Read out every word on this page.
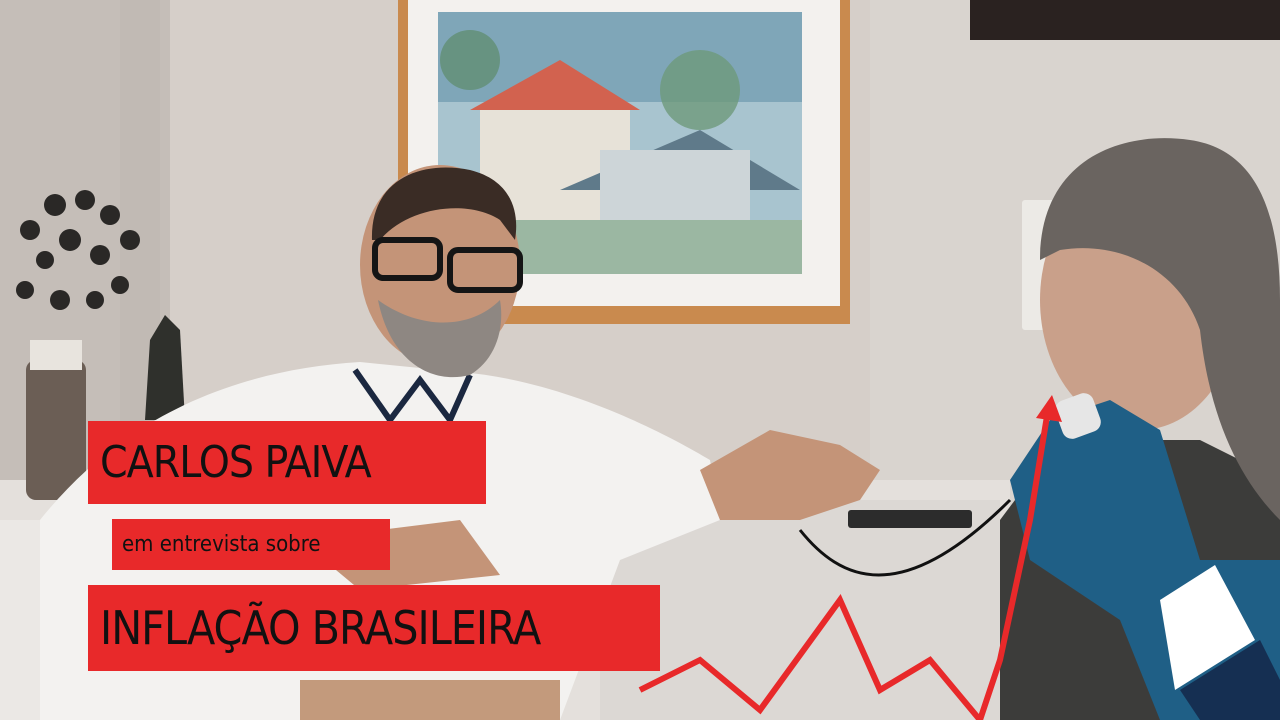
CARLOS PAIVA
em entrevista sobre
INFLAÇÃO BRASILEIRA
